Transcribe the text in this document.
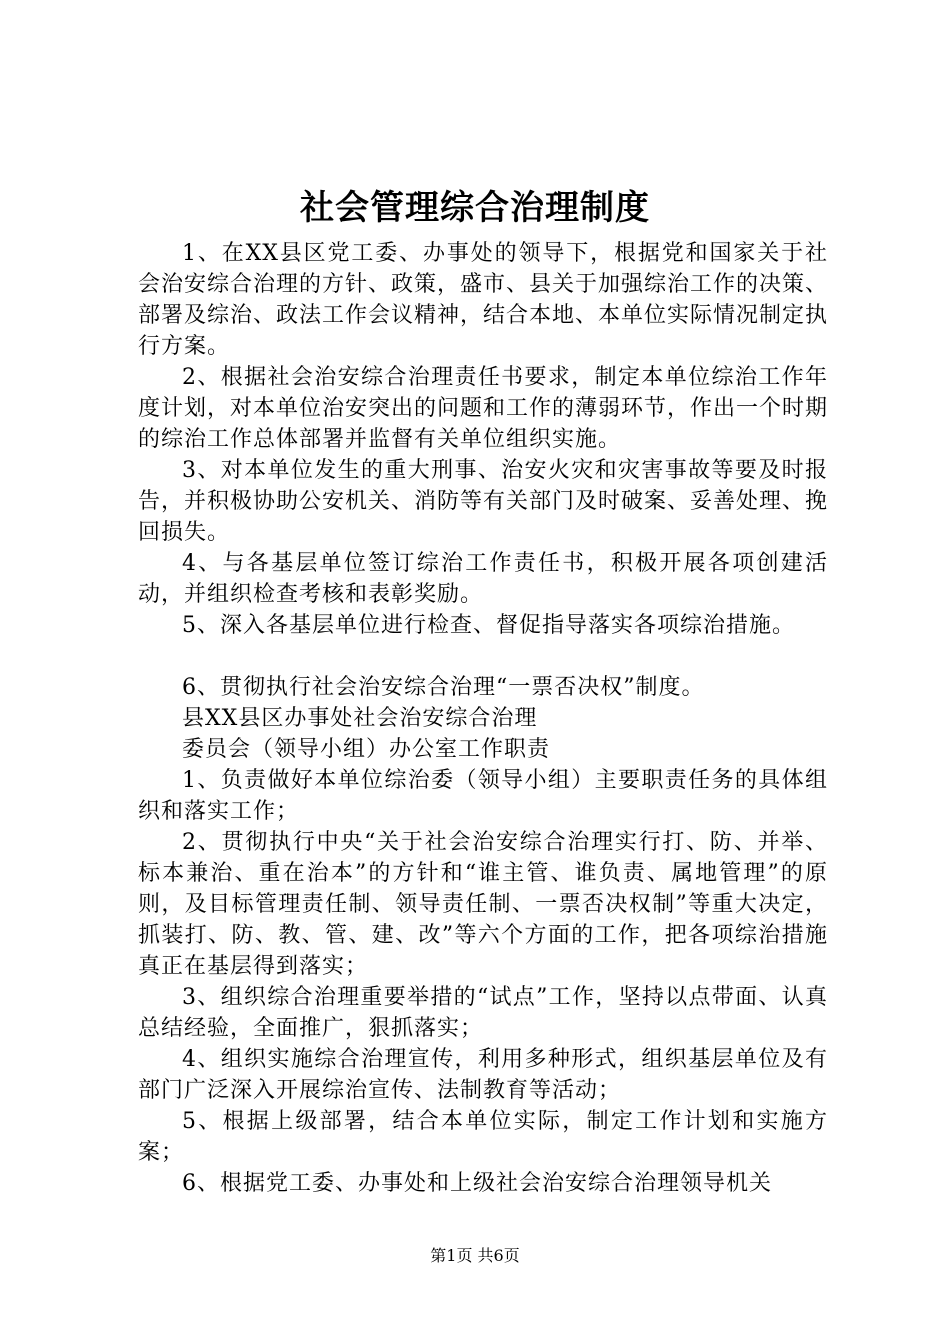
社会管理综合治理制度

1、在XX县区党工委、办事处的领导下，根据党和国家关于社会治安综合治理的方针、政策，盛市、县关于加强综治工作的决策、部署及综治、政法工作会议精神，结合本地、本单位实际情况制定执行方案。

2、根据社会治安综合治理责任书要求，制定本单位综治工作年度计划，对本单位治安突出的问题和工作的薄弱环节，作出一个时期的综治工作总体部署并监督有关单位组织实施。

3、对本单位发生的重大刑事、治安火灾和灾害事故等要及时报告，并积极协助公安机关、消防等有关部门及时破案、妥善处理、挽回损失。

4、与各基层单位签订综治工作责任书，积极开展各项创建活动，并组织检查考核和表彰奖励。

5、深入各基层单位进行检查、督促指导落实各项综治措施。

6、贯彻执行社会治安综合治理“一票否决权”制度。

县XX县区办事处社会治安综合治理

委员会（领导小组）办公室工作职责

1、负责做好本单位综治委（领导小组）主要职责任务的具体组织和落实工作；

2、贯彻执行中央“关于社会治安综合治理实行打、防、并举、标本兼治、重在治本”的方针和“谁主管、谁负责、属地管理”的原则，及目标管理责任制、领导责任制、一票否决权制”等重大决定，抓装打、防、教、管、建、改”等六个方面的工作，把各项综治措施真正在基层得到落实；

3、组织综合治理重要举措的“试点”工作，坚持以点带面、认真总结经验，全面推广，狠抓落实；

4、组织实施综合治理宣传，利用多种形式，组织基层单位及有部门广泛深入开展综治宣传、法制教育等活动；

5、根据上级部署，结合本单位实际，制定工作计划和实施方案；

6、根据党工委、办事处和上级社会治安综合治理领导机关

第1页 共6页
